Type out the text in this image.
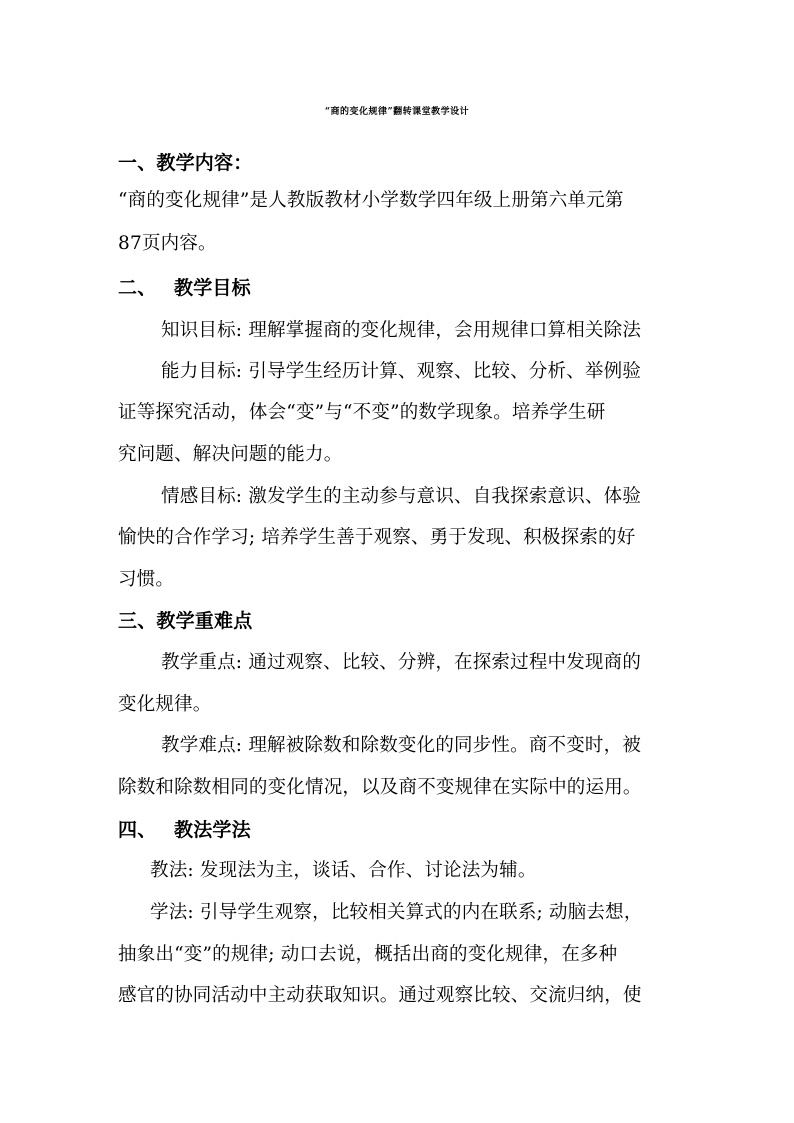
“商的变化规律”翻转课堂教学设计
一、教学内容：
“商的变化规律”是人教版教材小学数学四年级上册第六单元第
87页内容。
二、 教学目标
知识目标: 理解掌握商的变化规律，会用规律口算相关除法
能力目标: 引导学生经历计算、观察、比较、分析、举例验
证等探究活动，体会“变”与“不变”的数学现象。培养学生研
究问题、解决问题的能力。
情感目标: 激发学生的主动参与意识、自我探索意识、体验
愉快的合作学习; 培养学生善于观察、勇于发现、积极探索的好
习惯。
三、教学重难点
教学重点: 通过观察、比较、分辨，在探索过程中发现商的
变化规律。
教学难点: 理解被除数和除数变化的同步性。商不变时，被
除数和除数相同的变化情况，以及商不变规律在实际中的运用。
四、 教法学法
教法: 发现法为主，谈话、合作、讨论法为辅。
学法: 引导学生观察，比较相关算式的内在联系; 动脑去想，
抽象出“变”的规律; 动口去说，概括出商的变化规律，在多种
感官的协同活动中主动获取知识。通过观察比较、交流归纳，使
